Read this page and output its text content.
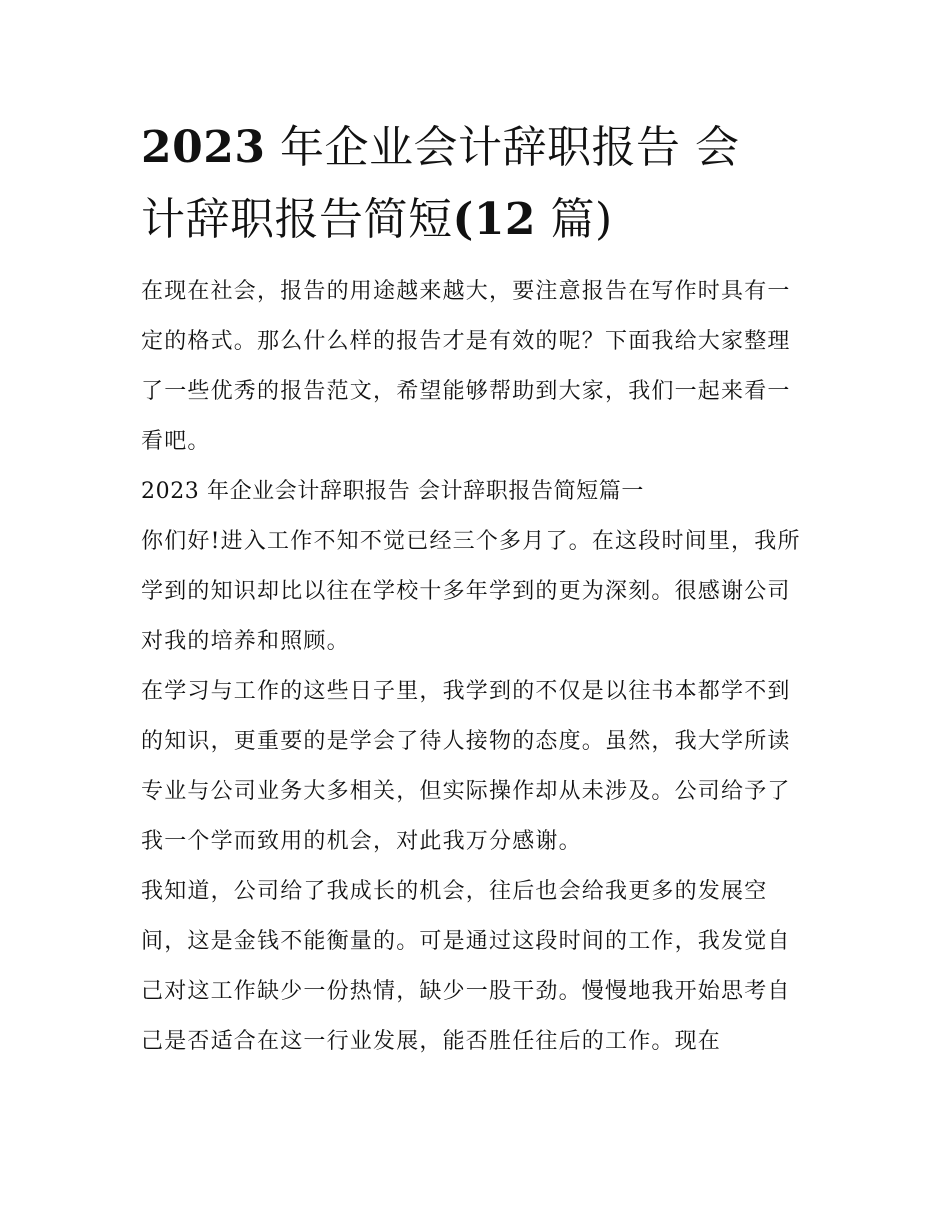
2023 年企业会计辞职报告 会
计辞职报告简短(12 篇)

在现在社会，报告的用途越来越大，要注意报告在写作时具有一定的格式。那么什么样的报告才是有效的呢？下面我给大家整理了一些优秀的报告范文，希望能够帮助到大家，我们一起来看一看吧。

2023 年企业会计辞职报告 会计辞职报告简短篇一

你们好!进入工作不知不觉已经三个多月了。在这段时间里，我所学到的知识却比以往在学校十多年学到的更为深刻。很感谢公司对我的培养和照顾。

在学习与工作的这些日子里，我学到的不仅是以往书本都学不到的知识，更重要的是学会了待人接物的态度。虽然，我大学所读专业与公司业务大多相关，但实际操作却从未涉及。公司给予了我一个学而致用的机会，对此我万分感谢。

我知道，公司给了我成长的机会，往后也会给我更多的发展空间，这是金钱不能衡量的。可是通过这段时间的工作，我发觉自己对这工作缺少一份热情，缺少一股干劲。慢慢地我开始思考自己是否适合在这一行业发展，能否胜任往后的工作。现在
